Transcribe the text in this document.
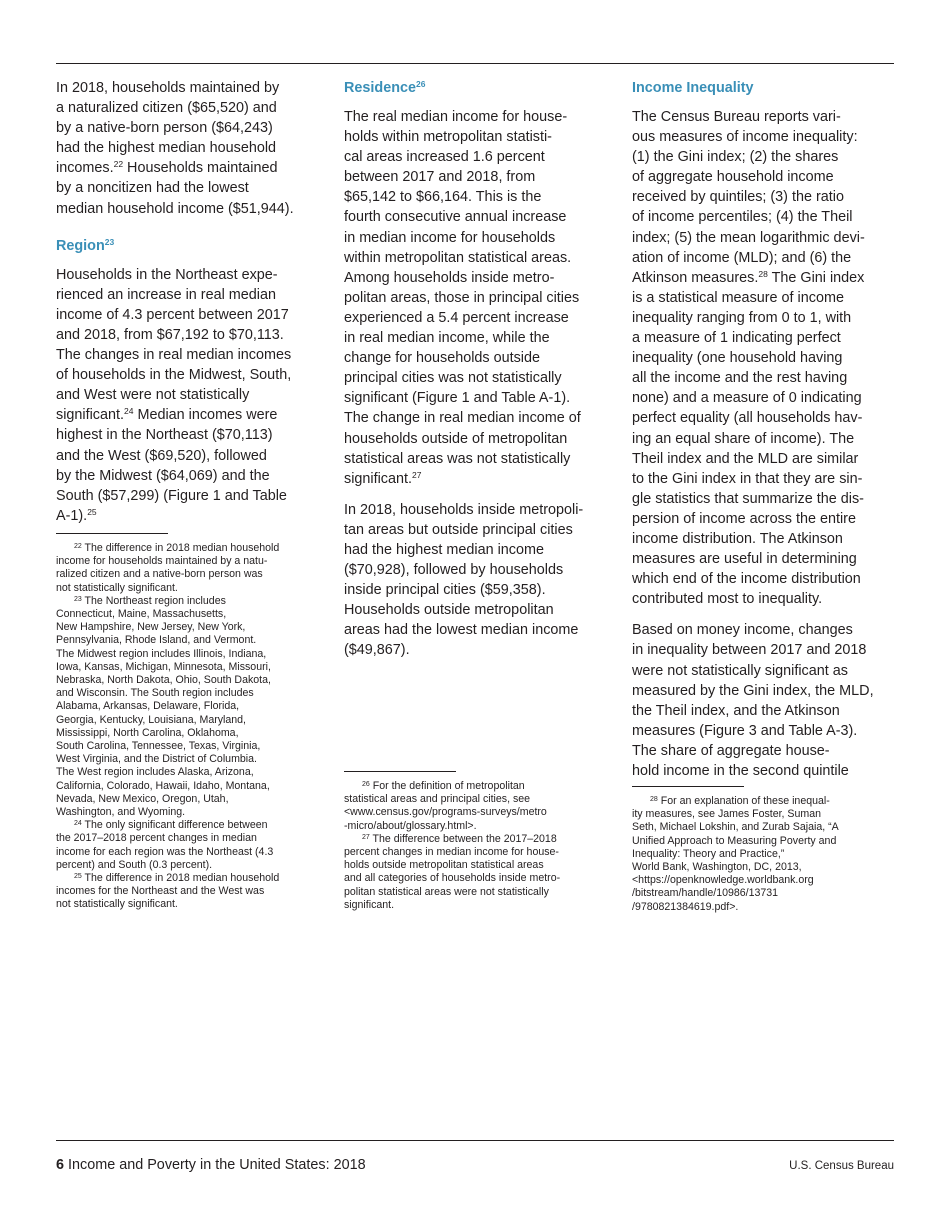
In 2018, households maintained by
a naturalized citizen ($65,520) and
by a native-born person ($64,243)
had the highest median household
incomes.$^{22}$ Households maintained
by a noncitizen had the lowest
median household income ($51,944).

Region$^{23}$

Households in the Northeast expe-
rienced an increase in real median
income of 4.3 percent between 2017
and 2018, from $67,192 to $70,113.
The changes in real median incomes
of households in the Midwest, South,
and West were not statistically
significant.$^{24}$ Median incomes were
highest in the Northeast ($70,113)
and the West ($69,520), followed
by the Midwest ($64,069) and the
South ($57,299) (Figure 1 and Table
A-1).$^{25}$

Residence$^{26}$

The real median income for house-
holds within metropolitan statisti-
cal areas increased 1.6 percent
between 2017 and 2018, from
$65,142 to $66,164. This is the
fourth consecutive annual increase
in median income for households
within metropolitan statistical areas.
Among households inside metro-
politan areas, those in principal cities
experienced a 5.4 percent increase
in real median income, while the
change for households outside
principal cities was not statistically
significant (Figure 1 and Table A-1).
The change in real median income of
households outside of metropolitan
statistical areas was not statistically
significant.$^{27}$

In 2018, households inside metropoli-
tan areas but outside principal cities
had the highest median income
($70,928), followed by households
inside principal cities ($59,358).
Households outside metropolitan
areas had the lowest median income
($49,867).

Income Inequality

The Census Bureau reports vari-
ous measures of income inequality:
(1) the Gini index; (2) the shares
of aggregate household income
received by quintiles; (3) the ratio
of income percentiles; (4) the Theil
index; (5) the mean logarithmic devi-
ation of income (MLD); and (6) the
Atkinson measures.$^{28}$ The Gini index
is a statistical measure of income
inequality ranging from 0 to 1, with
a measure of 1 indicating perfect
inequality (one household having
all the income and the rest having
none) and a measure of 0 indicating
perfect equality (all households hav-
ing an equal share of income). The
Theil index and the MLD are similar
to the Gini index in that they are sin-
gle statistics that summarize the dis-
persion of income across the entire
income distribution. The Atkinson
measures are useful in determining
which end of the income distribution
contributed most to inequality.

Based on money income, changes
in inequality between 2017 and 2018
were not statistically significant as
measured by the Gini index, the MLD,
the Theil index, and the Atkinson
measures (Figure 3 and Table A-3).
The share of aggregate house-
hold income in the second quintile

$^{22}$ The difference in 2018 median household
income for households maintained by a natu-
ralized citizen and a native-born person was
not statistically significant.

$^{23}$ The Northeast region includes
Connecticut, Maine, Massachusetts,
New Hampshire, New Jersey, New York,
Pennsylvania, Rhode Island, and Vermont.
The Midwest region includes Illinois, Indiana,
Iowa, Kansas, Michigan, Minnesota, Missouri,
Nebraska, North Dakota, Ohio, South Dakota,
and Wisconsin. The South region includes
Alabama, Arkansas, Delaware, Florida,
Georgia, Kentucky, Louisiana, Maryland,
Mississippi, North Carolina, Oklahoma,
South Carolina, Tennessee, Texas, Virginia,
West Virginia, and the District of Columbia.
The West region includes Alaska, Arizona,
California, Colorado, Hawaii, Idaho, Montana,
Nevada, New Mexico, Oregon, Utah,
Washington, and Wyoming.

$^{24}$ The only significant difference between
the 2017–2018 percent changes in median
income for each region was the Northeast (4.3
percent) and South (0.3 percent).

$^{25}$ The difference in 2018 median household
incomes for the Northeast and the West was
not statistically significant.

$^{26}$ For the definition of metropolitan
statistical areas and principal cities, see
<www.census.gov/programs-surveys/metro
-micro/about/glossary.html>.

$^{27}$ The difference between the 2017–2018
percent changes in median income for house-
holds outside metropolitan statistical areas
and all categories of households inside metro-
politan statistical areas were not statistically
significant.

$^{28}$ For an explanation of these inequal-
ity measures, see James Foster, Suman
Seth, Michael Lokshin, and Zurab Sajaia, “A
Unified Approach to Measuring Poverty and
Inequality: Theory and Practice,”
World Bank, Washington, DC, 2013,
<https://openknowledge.worldbank.org
/bitstream/handle/10986/13731
/9780821384619.pdf>.

6 Income and Poverty in the United States: 2018	U.S. Census Bureau
